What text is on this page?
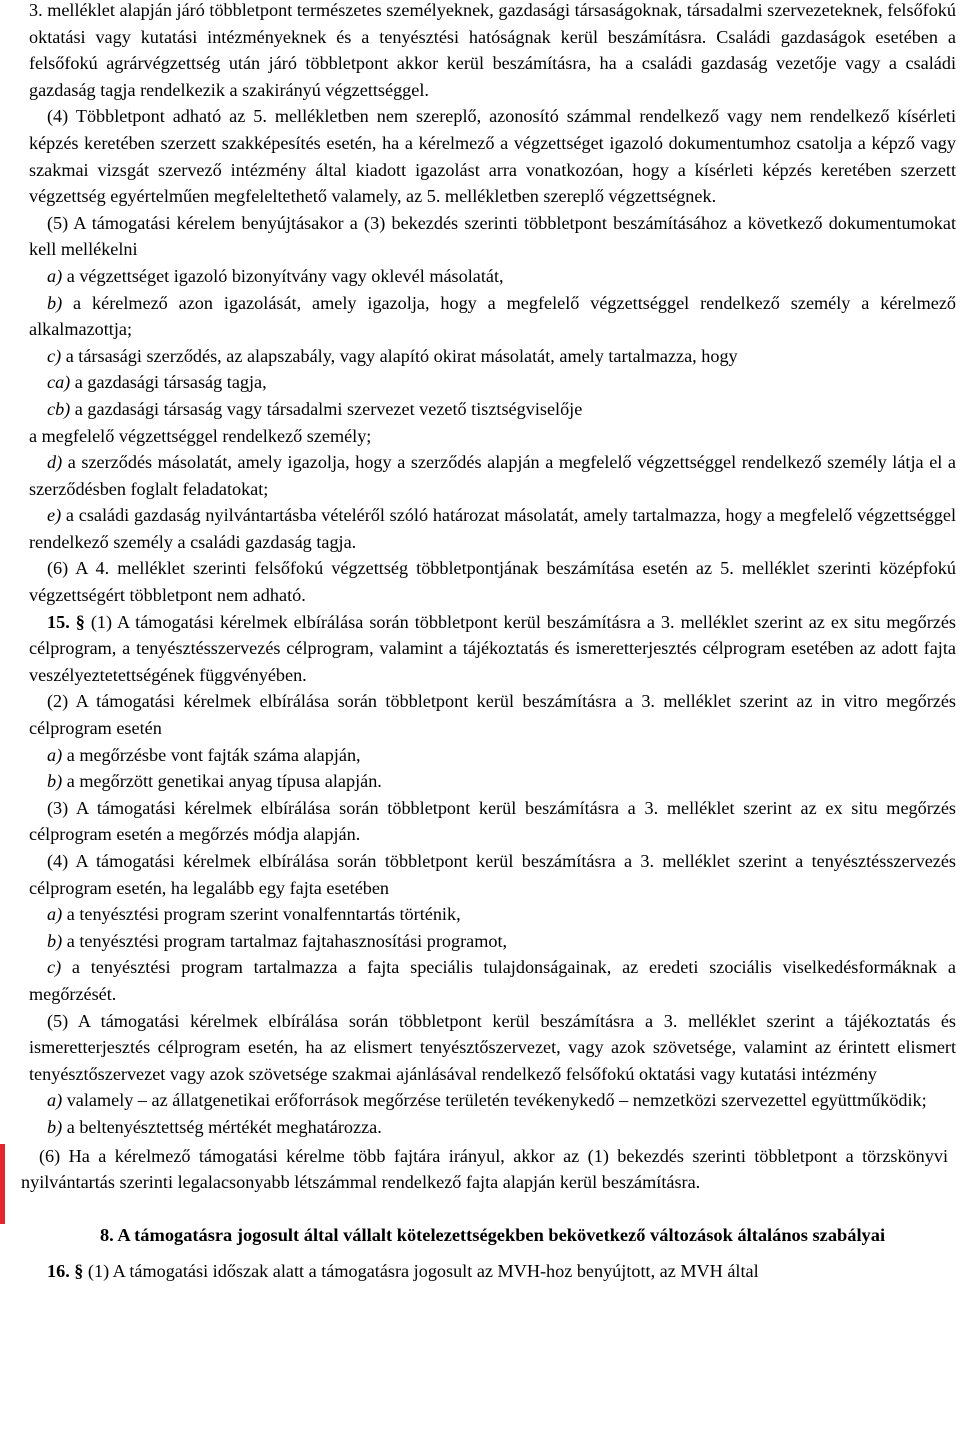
3. melléklet alapján járó többletpont természetes személyeknek, gazdasági társaságoknak, társadalmi szervezeteknek, felsőfokú oktatási vagy kutatási intézményeknek és a tenyésztési hatóságnak kerül beszámításra. Családi gazdaságok esetében a felsőfokú agrárvégzettség után járó többletpont akkor kerül beszámításra, ha a családi gazdaság vezetője vagy a családi gazdaság tagja rendelkezik a szakirányú végzettséggel.

(4) Többletpont adható az 5. mellékletben nem szereplő, azonosító számmal rendelkező vagy nem rendelkező kísérleti képzés keretében szerzett szakképesítés esetén, ha a kérelmező a végzettséget igazoló dokumentumhoz csatolja a képző vagy szakmai vizsgát szervező intézmény által kiadott igazolást arra vonatkozóan, hogy a kísérleti képzés keretében szerzett végzettség egyértelműen megfeleltethető valamely, az 5. mellékletben szereplő végzettségnek.

(5) A támogatási kérelem benyújtásakor a (3) bekezdés szerinti többletpont beszámításához a következő dokumentumokat kell mellékelni

a) a végzettséget igazoló bizonyítvány vagy oklevél másolatát,

b) a kérelmező azon igazolását, amely igazolja, hogy a megfelelő végzettséggel rendelkező személy a kérelmező alkalmazottja;

c) a társasági szerződés, az alapszabály, vagy alapító okirat másolatát, amely tartalmazza, hogy

ca) a gazdasági társaság tagja,

cb) a gazdasági társaság vagy társadalmi szervezet vezető tisztségviselője

a megfelelő végzettséggel rendelkező személy;

d) a szerződés másolatát, amely igazolja, hogy a szerződés alapján a megfelelő végzettséggel rendelkező személy látja el a szerződésben foglalt feladatokat;

e) a családi gazdaság nyilvántartásba vételéről szóló határozat másolatát, amely tartalmazza, hogy a megfelelő végzettséggel rendelkező személy a családi gazdaság tagja.

(6) A 4. melléklet szerinti felsőfokú végzettség többletpontjának beszámítása esetén az 5. melléklet szerinti középfokú végzettségért többletpont nem adható.

15. § (1) A támogatási kérelmek elbírálása során többletpont kerül beszámításra a 3. melléklet szerint az ex situ megőrzés célprogram, a tenyésztésszervezés célprogram, valamint a tájékoztatás és ismeretterjesztés célprogram esetében az adott fajta veszélyeztetettségének függvényében.

(2) A támogatási kérelmek elbírálása során többletpont kerül beszámításra a 3. melléklet szerint az in vitro megőrzés célprogram esetén

a) a megőrzésbe vont fajták száma alapján,

b) a megőrzött genetikai anyag típusa alapján.

(3) A támogatási kérelmek elbírálása során többletpont kerül beszámításra a 3. melléklet szerint az ex situ megőrzés célprogram esetén a megőrzés módja alapján.

(4) A támogatási kérelmek elbírálása során többletpont kerül beszámításra a 3. melléklet szerint a tenyésztésszervezés célprogram esetén, ha legalább egy fajta esetében

a) a tenyésztési program szerint vonalfenntartás történik,

b) a tenyésztési program tartalmaz fajtahasznosítási programot,

c) a tenyésztési program tartalmazza a fajta speciális tulajdonságainak, az eredeti szociális viselkedésformáknak a megőrzését.

(5) A támogatási kérelmek elbírálása során többletpont kerül beszámításra a 3. melléklet szerint a tájékoztatás és ismeretterjesztés célprogram esetén, ha az elismert tenyésztőszervezet, vagy azok szövetsége, valamint az érintett elismert tenyésztőszervezet vagy azok szövetsége szakmai ajánlásával rendelkező felsőfokú oktatási vagy kutatási intézmény

a) valamely – az állatgenetikai erőforrások megőrzése területén tevékenykedő – nemzetközi szervezettel együttműködik;

b) a beltenyésztettség mértékét meghatározza.

(6) Ha a kérelmező támogatási kérelme több fajtára irányul, akkor az (1) bekezdés szerinti többletpont a törzskönyvi nyilvántartás szerinti legalacsonyabb létszámmal rendelkező fajta alapján kerül beszámításra.

8. A támogatásra jogosult által vállalt kötelezettségekben bekövetkező változások általános szabályai

16. § (1) A támogatási időszak alatt a támogatásra jogosult az MVH-hoz benyújtott, az MVH által
